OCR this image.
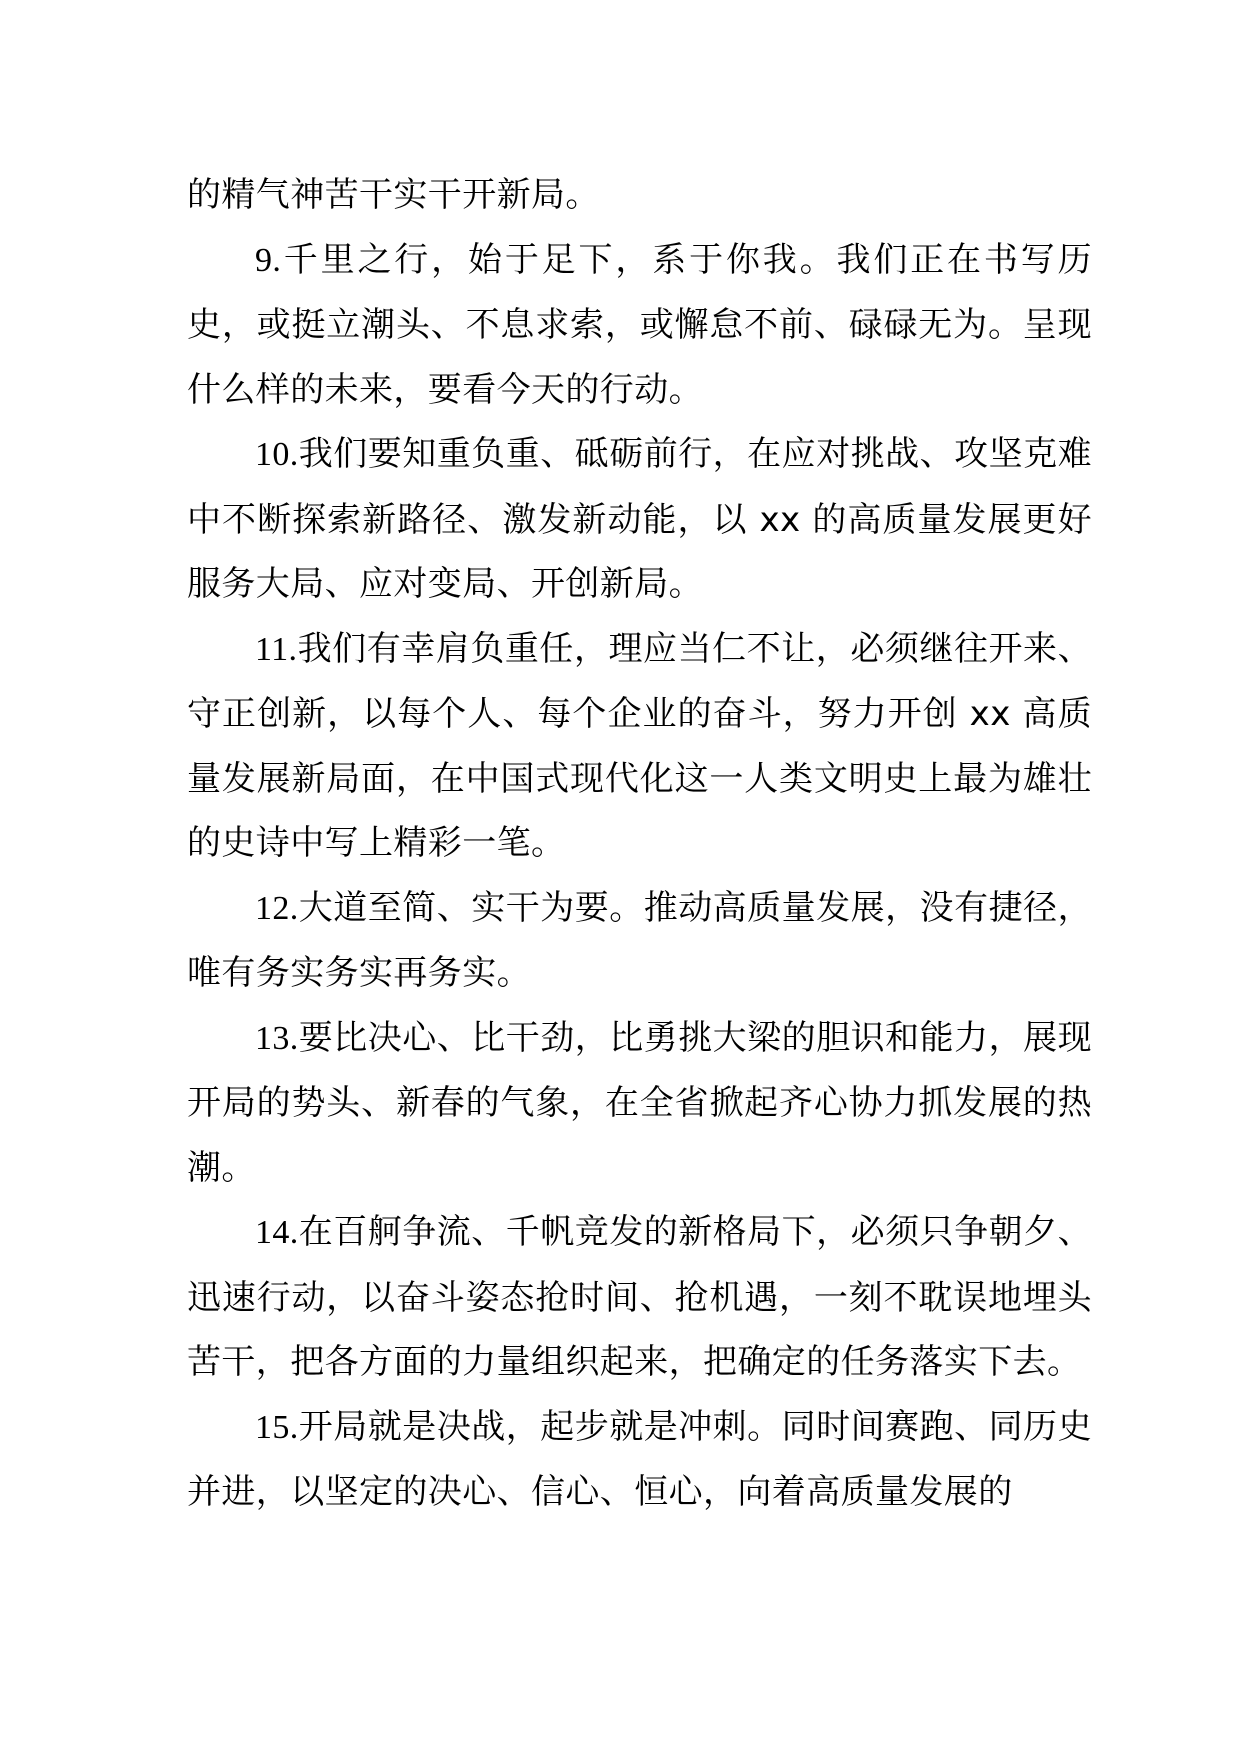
的精气神苦干实干开新局。

9.千里之行，始于足下，系于你我。我们正在书写历史，或挺立潮头、不息求索，或懈怠不前、碌碌无为。呈现什么样的未来，要看今天的行动。

10.我们要知重负重、砥砺前行，在应对挑战、攻坚克难中不断探索新路径、激发新动能，以 xx 的高质量发展更好服务大局、应对变局、开创新局。

11.我们有幸肩负重任，理应当仁不让，必须继往开来、守正创新，以每个人、每个企业的奋斗，努力开创 xx 高质量发展新局面，在中国式现代化这一人类文明史上最为雄壮的史诗中写上精彩一笔。

12.大道至简、实干为要。推动高质量发展，没有捷径，唯有务实务实再务实。

13.要比决心、比干劲，比勇挑大梁的胆识和能力，展现开局的势头、新春的气象，在全省掀起齐心协力抓发展的热潮。

14.在百舸争流、千帆竞发的新格局下，必须只争朝夕、迅速行动，以奋斗姿态抢时间、抢机遇，一刻不耽误地埋头苦干，把各方面的力量组织起来，把确定的任务落实下去。

15.开局就是决战，起步就是冲刺。同时间赛跑、同历史并进，以坚定的决心、信心、恒心，向着高质量发展的
